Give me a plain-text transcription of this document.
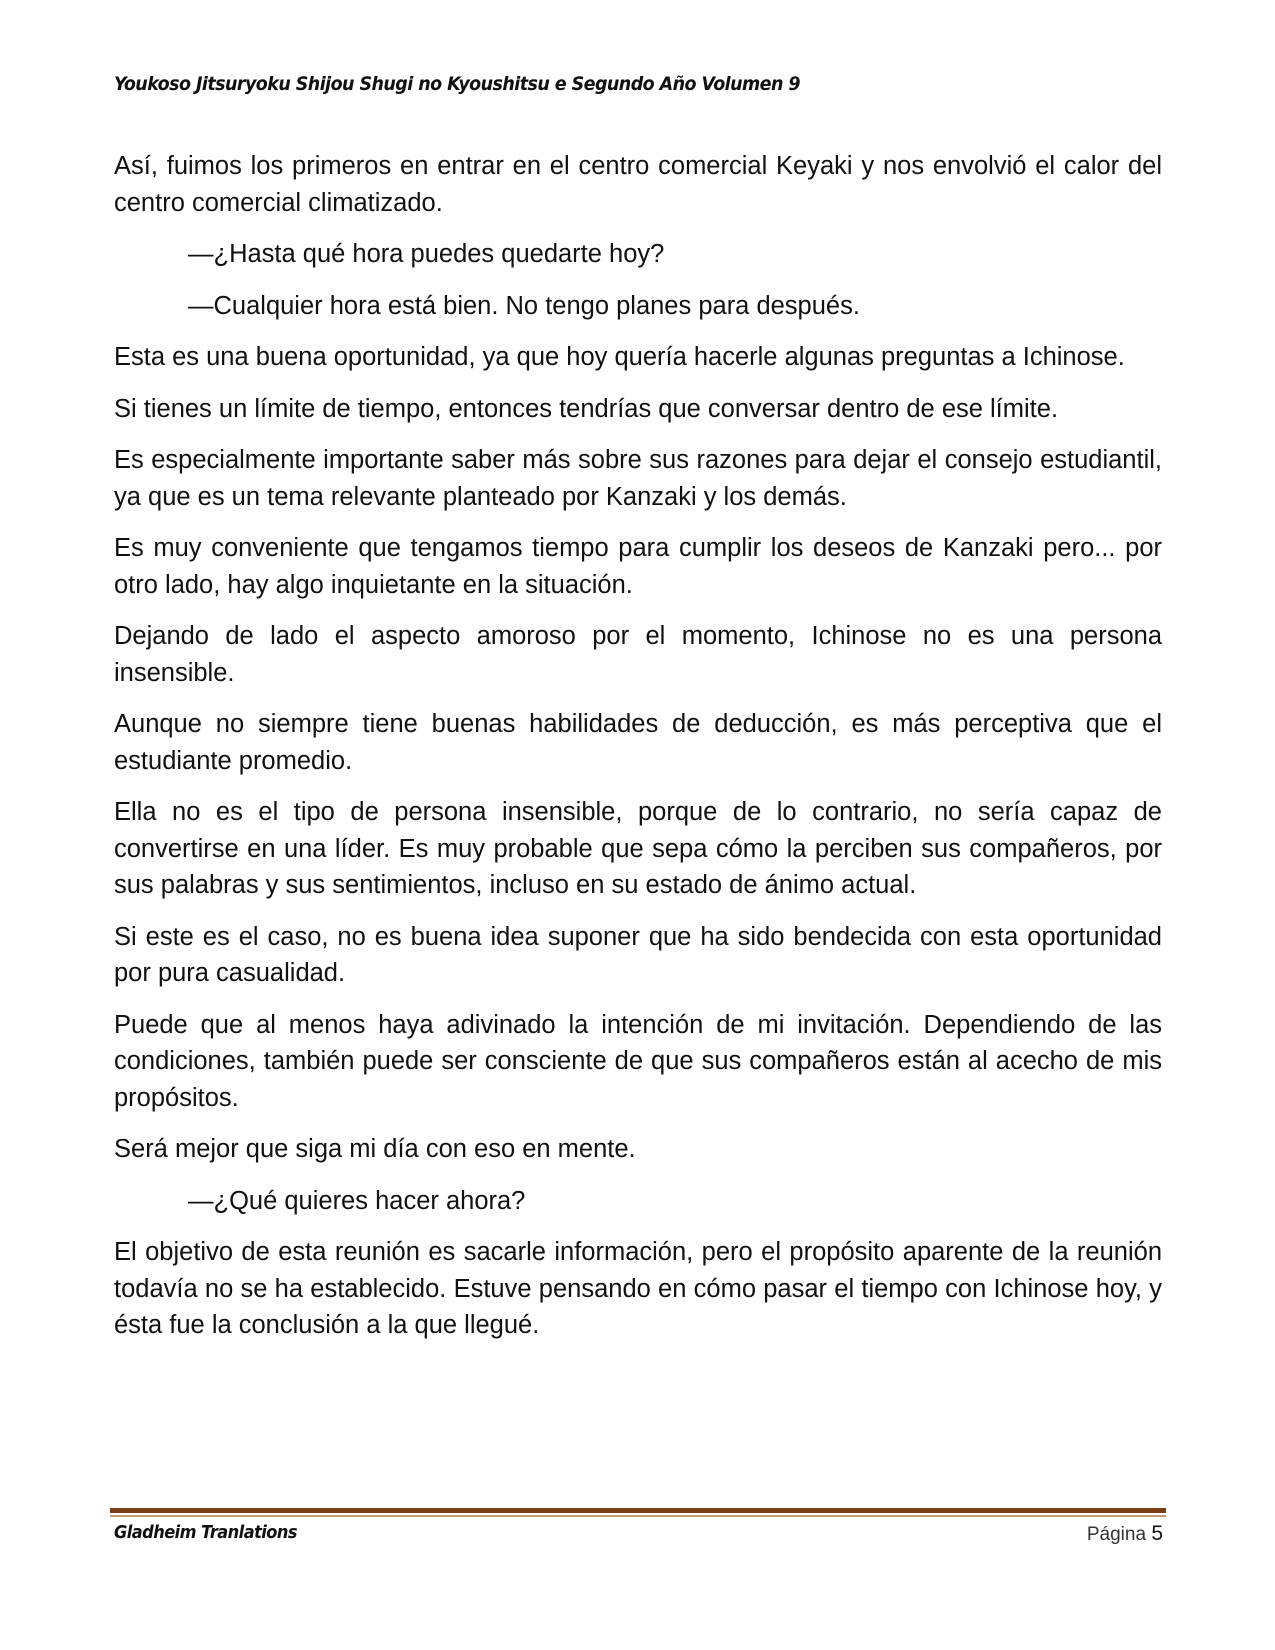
Youkoso Jitsuryoku Shijou Shugi no Kyoushitsu e Segundo Año Volumen 9

Así, fuimos los primeros en entrar en el centro comercial Keyaki y nos envolvió el calor del centro comercial climatizado.

—¿Hasta qué hora puedes quedarte hoy?

—Cualquier hora está bien. No tengo planes para después.

Esta es una buena oportunidad, ya que hoy quería hacerle algunas preguntas a Ichinose.

Si tienes un límite de tiempo, entonces tendrías que conversar dentro de ese límite.

Es especialmente importante saber más sobre sus razones para dejar el consejo estudiantil, ya que es un tema relevante planteado por Kanzaki y los demás.

Es muy conveniente que tengamos tiempo para cumplir los deseos de Kanzaki pero... por otro lado, hay algo inquietante en la situación.

Dejando de lado el aspecto amoroso por el momento, Ichinose no es una persona insensible.

Aunque no siempre tiene buenas habilidades de deducción, es más perceptiva que el estudiante promedio.

Ella no es el tipo de persona insensible, porque de lo contrario, no sería capaz de convertirse en una líder. Es muy probable que sepa cómo la perciben sus compañeros, por sus palabras y sus sentimientos, incluso en su estado de ánimo actual.

Si este es el caso, no es buena idea suponer que ha sido bendecida con esta oportunidad por pura casualidad.

Puede que al menos haya adivinado la intención de mi invitación. Dependiendo de las condiciones, también puede ser consciente de que sus compañeros están al acecho de mis propósitos.

Será mejor que siga mi día con eso en mente.

—¿Qué quieres hacer ahora?

El objetivo de esta reunión es sacarle información, pero el propósito aparente de la reunión todavía no se ha establecido. Estuve pensando en cómo pasar el tiempo con Ichinose hoy, y ésta fue la conclusión a la que llegué.

Gladheim Tranlations	Página 5
